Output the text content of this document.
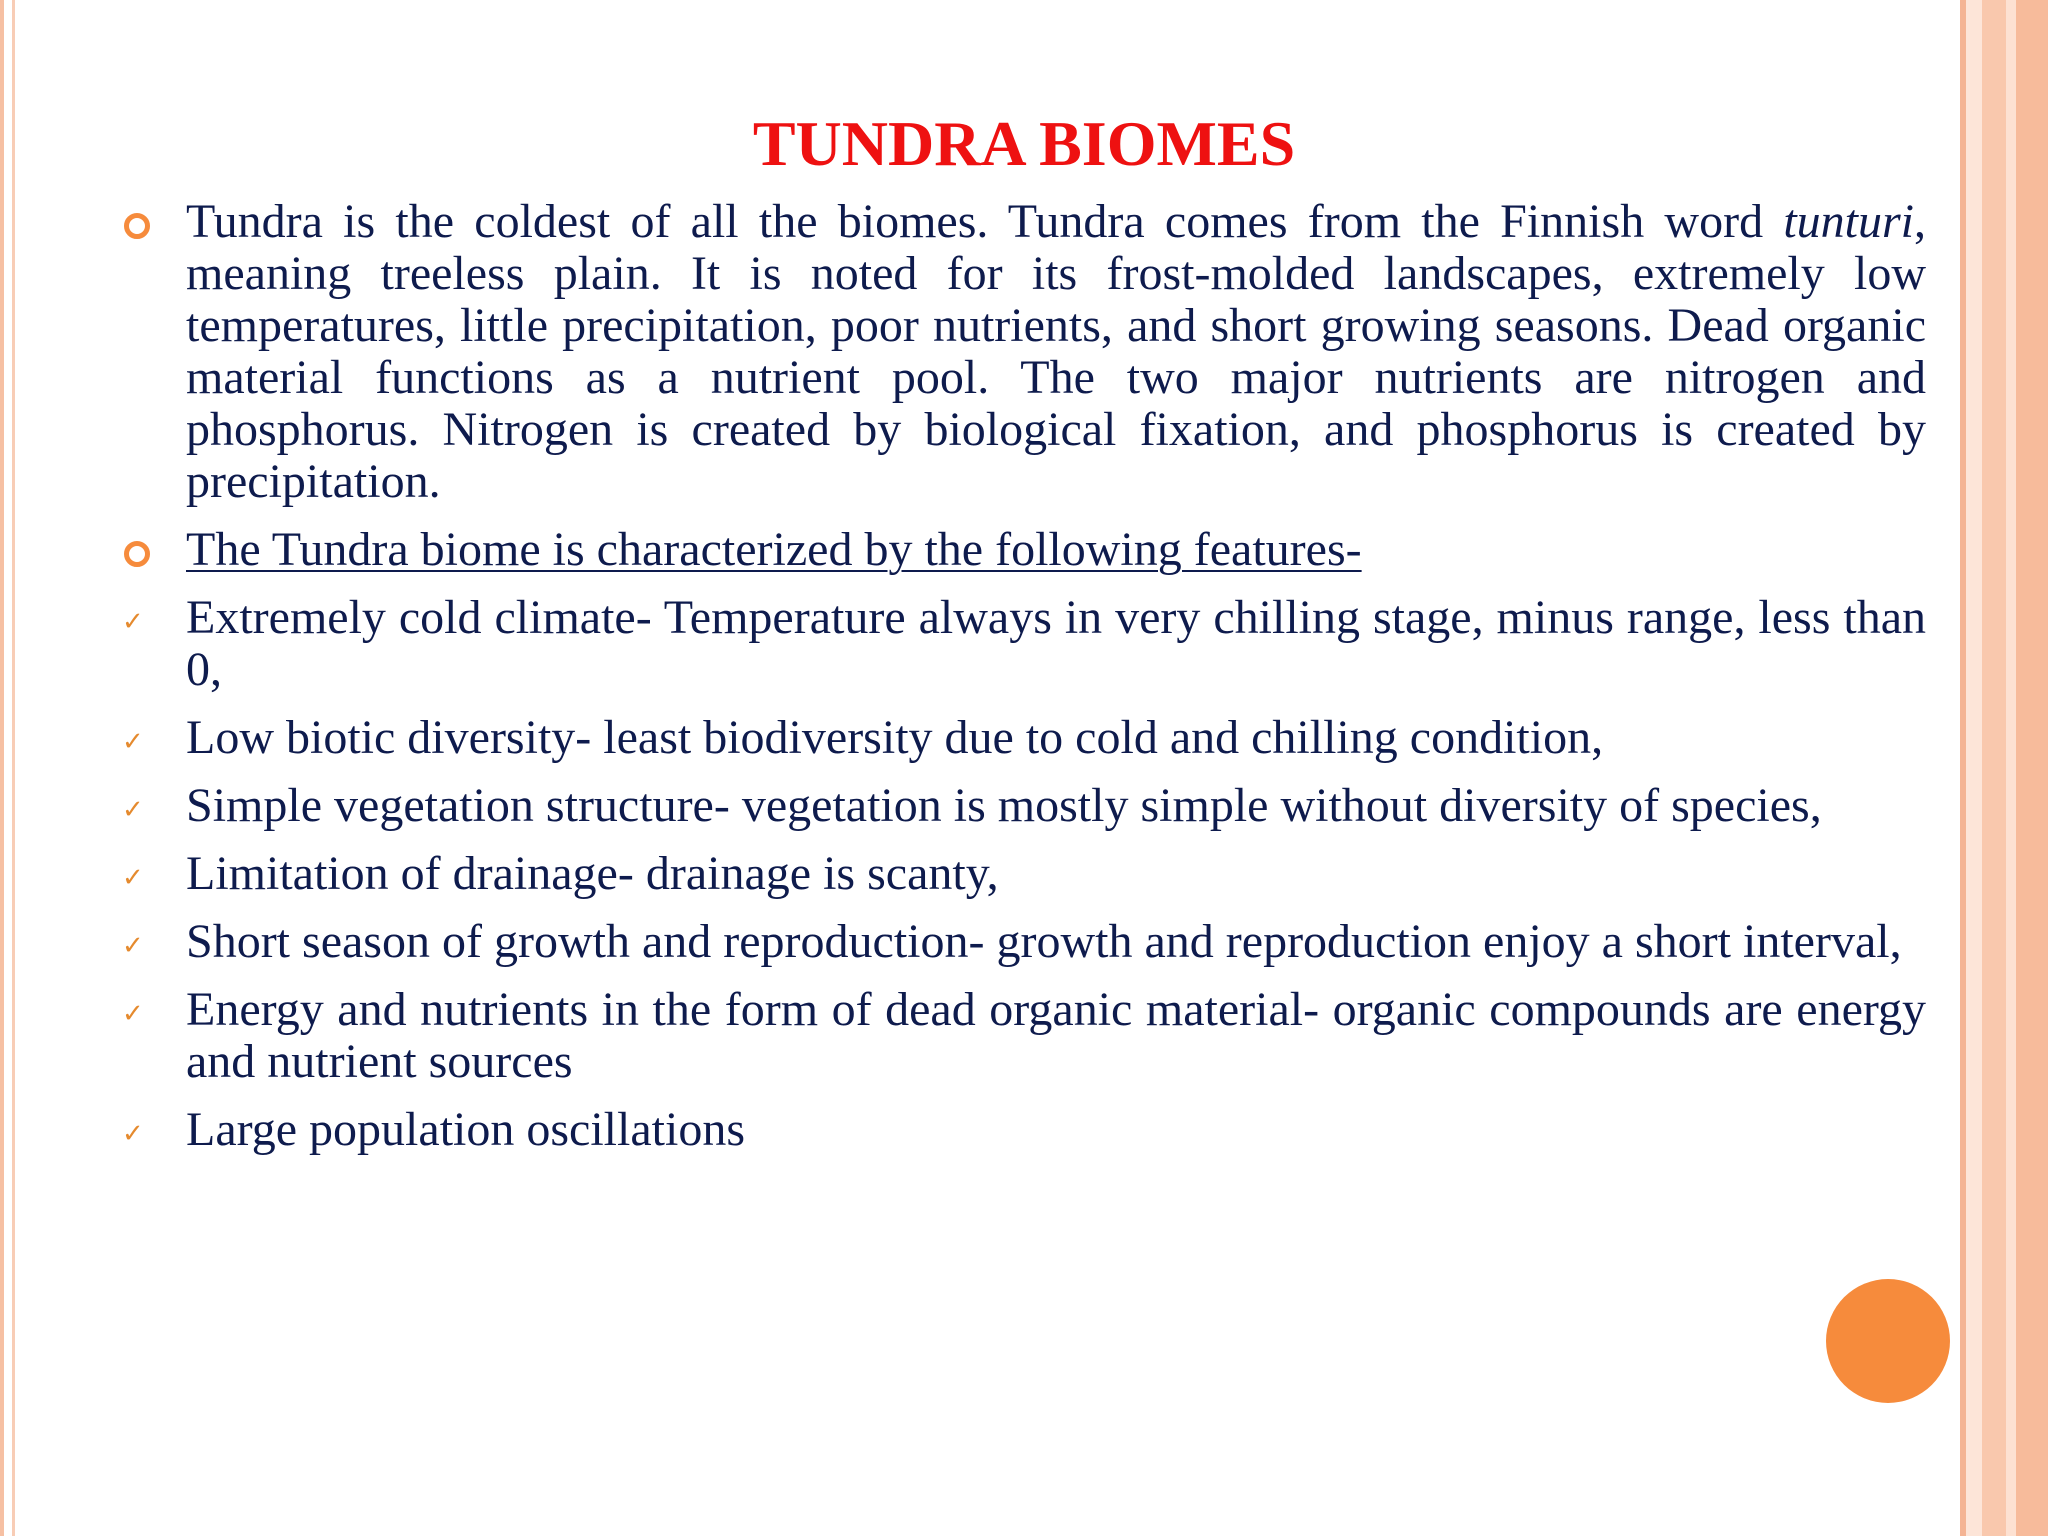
TUNDRA BIOMES
Tundra is the coldest of all the biomes. Tundra comes from the Finnish word tunturi, meaning treeless plain. It is noted for its frost-molded landscapes, extremely low temperatures, little precipitation, poor nutrients, and short growing seasons. Dead organic material functions as a nutrient pool. The two major nutrients are nitrogen and phosphorus. Nitrogen is created by biological fixation, and phosphorus is created by precipitation.
The Tundra biome is characterized by the following features-
✓ Extremely cold climate- Temperature always in very chilling stage, minus range, less than 0,
✓ Low biotic diversity- least biodiversity due to cold and chilling condition,
✓ Simple vegetation structure- vegetation is mostly simple without diversity of species,
✓ Limitation of drainage- drainage is scanty,
✓ Short season of growth and reproduction- growth and reproduction enjoy a short interval,
✓ Energy and nutrients in the form of dead organic material- organic compounds are energy and nutrient sources
✓ Large population oscillations
